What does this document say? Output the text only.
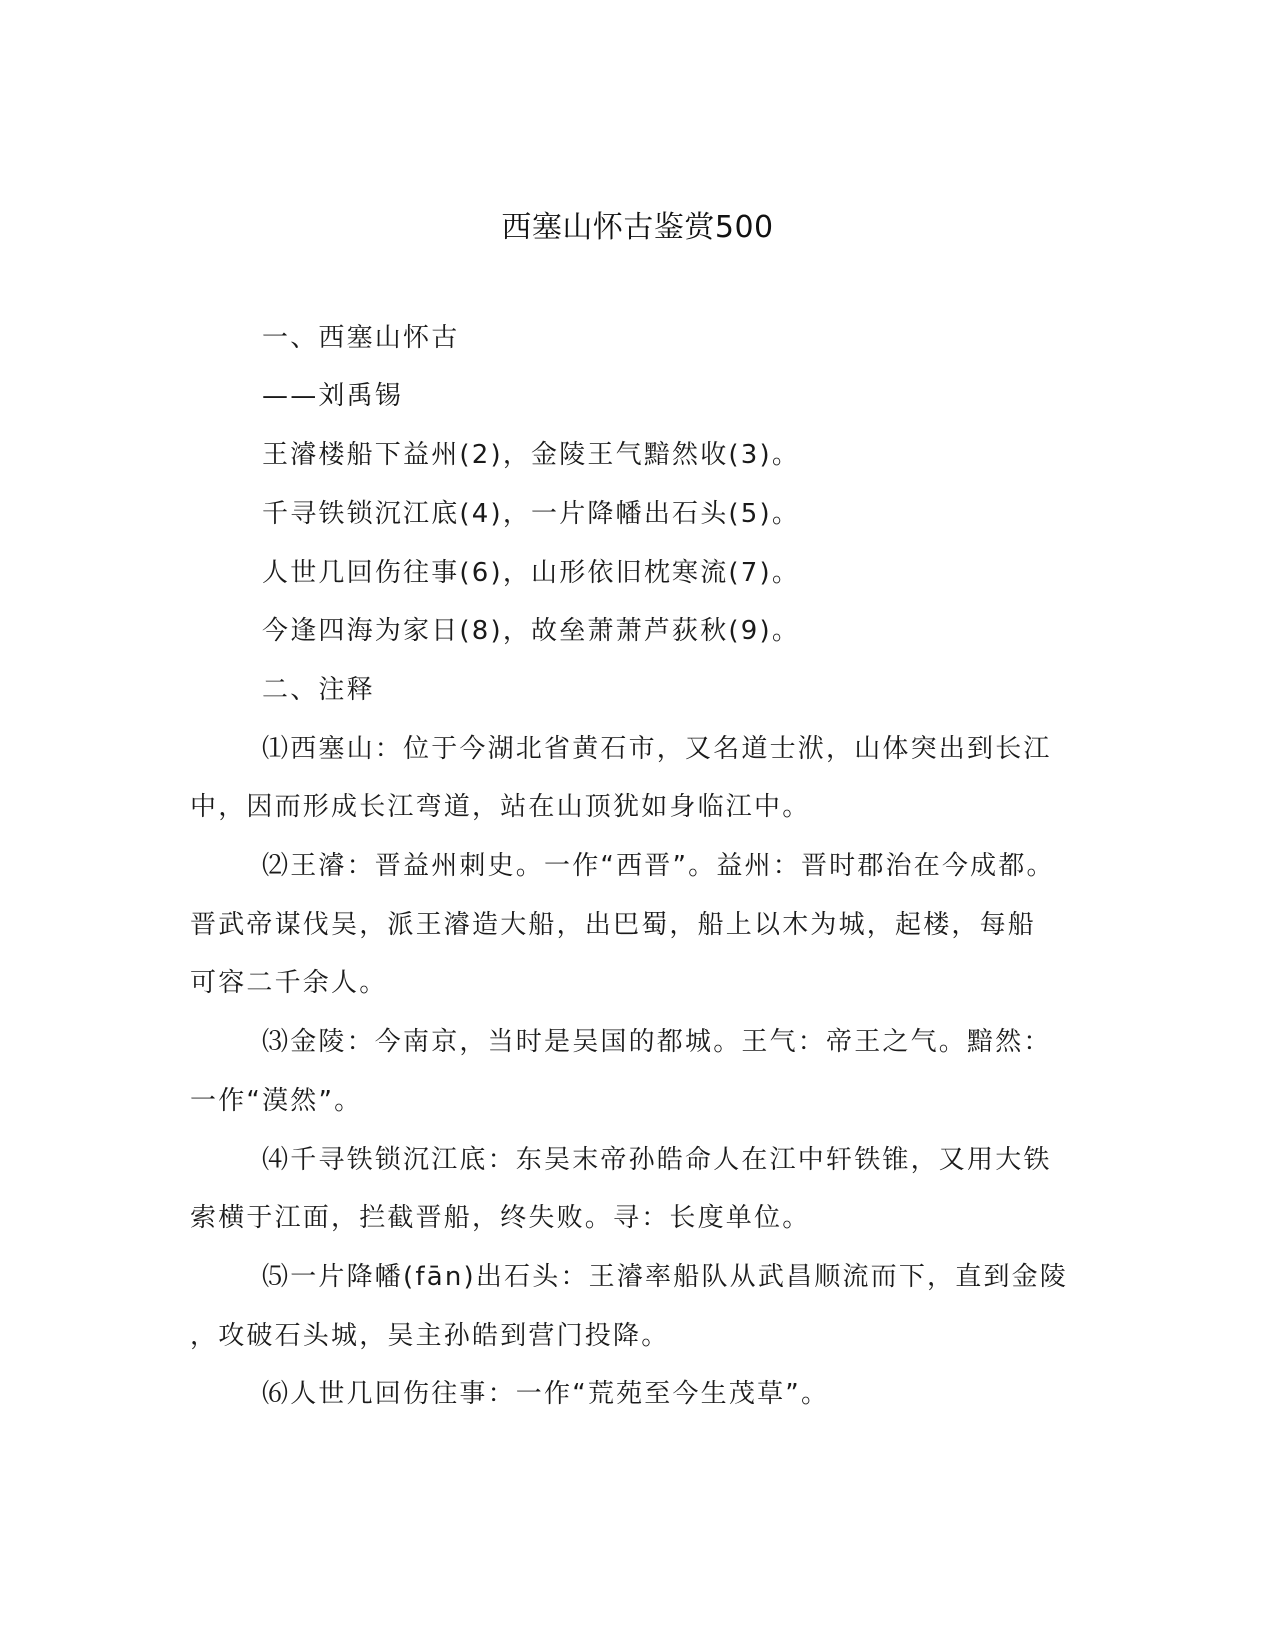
西塞山怀古鉴赏500
一、西塞山怀古
——刘禹锡
王濬楼船下益州(2)，金陵王气黯然收(3)。
千寻铁锁沉江底(4)，一片降幡出石头(5)。
人世几回伤往事(6)，山形依旧枕寒流(7)。
今逢四海为家日(8)，故垒萧萧芦荻秋(9)。
二、注释
⑴西塞山：位于今湖北省黄石市，又名道士洑，山体突出到长江
中，因而形成长江弯道，站在山顶犹如身临江中。
⑵王濬：晋益州刺史。一作“西晋”。益州：晋时郡治在今成都。
晋武帝谋伐吴，派王濬造大船，出巴蜀，船上以木为城，起楼，每船
可容二千余人。
⑶金陵：今南京，当时是吴国的都城。王气：帝王之气。黯然：
一作“漠然”。
⑷千寻铁锁沉江底：东吴末帝孙皓命人在江中轩铁锥，又用大铁
索横于江面，拦截晋船，终失败。寻：长度单位。
⑸一片降幡(fān)出石头：王濬率船队从武昌顺流而下，直到金陵
，攻破石头城，吴主孙皓到营门投降。
⑹人世几回伤往事：一作“荒苑至今生茂草”。
